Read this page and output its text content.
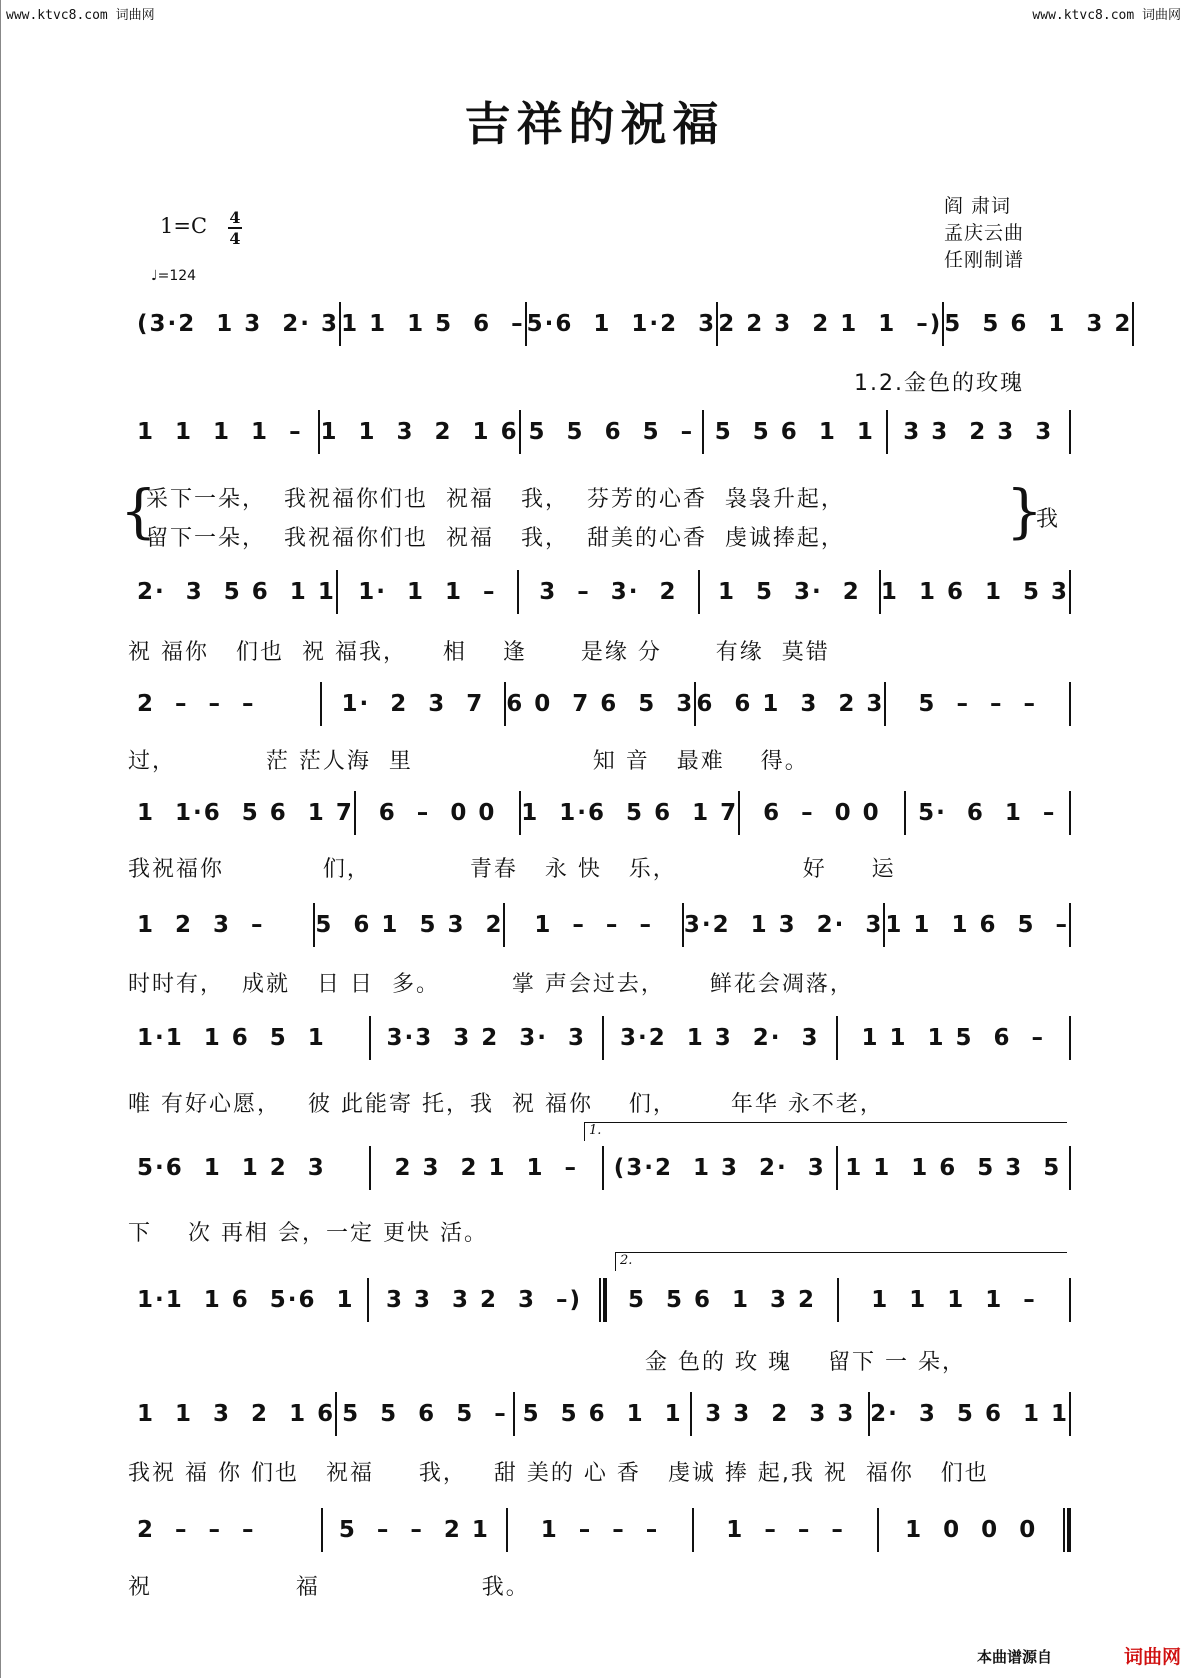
www.ktvc8.com 词曲网	www.ktvc8.com 词曲网
吉祥的祝福
1=C 4
4
♩=124
阎 肃词
孟庆云曲
任刚制谱
(3·2  1 3  2· 3 1 1  1 5  6  – 5·6  1  1·2  3 2 2 3  2 1  1  –) 5  5 6  1  3 2
1.2.金色的玫瑰
1  1  1  1  – 1  1  3  2  1 6 5  5  6  5  – 5  5 6  1  1	3 3  2 3  3
{
采下一朵，  我祝福你们也  祝福   我，  芬芳的心香  袅袅升起，
留下一朵，  我祝福你们也  祝福   我，  甜美的心香  虔诚捧起，	}
我
2·  3  5 6  1 1 1·  1  1  –	3  –  3·  2	1  5  3·  2 1  1 6  1  5 3
祝 福你   们也  祝 福我，    相    逢      是缘 分      有缘  莫错
2  –  –  –	1·  2  3  7 6 0  7 6  5  3 6  6 1  3  2 3	5  –  –  –
过，          茫 茫人海  里                    知 音   最难    得。
1  1·6  5 6  1 7	6  –  0 0	1  1·6  5 6  1 7	6  –  0 0	5·  6  1  –
我祝福你           们，           青春   永 快   乐，              好     运
1  2  3  –	5  6 1  5 3  2	1  –  –  –	3·2  1 3  2·  3 1 1  1 6  5  –
时时有，  成就   日 日  多。        掌 声会过去，     鲜花会凋落，
1·1  1 6  5  1	3·3  3 2  3·  3	3·2  1 3  2·  3	1 1  1 5  6  –
唯 有好心愿，   彼 此能寄 托，我  祝 福你    们，      年华 永不老，
1.
5·6  1  1 2  3	2 3  2 1  1  –	(3·2  1 3  2·  3 1 1  1 6  5 3  5
下    次 再相 会，一定 更快 活。
2.
1·1  1 6  5·6  1	3 3  3 2  3  –)	5  5 6  1  3 2	1  1  1  1  –
金 色的 玫 瑰    留下 一 朵，
1  1  3  2  1 6 5  5  6  5  – 5  5 6  1  1 3 3  2  3 3 2·  3  5 6  1 1
我祝 福 你 们也   祝福     我，   甜 美的 心 香   虔诚 捧 起,我 祝  福你   们也
2  –  –  –	5  –  –  2 1	1  –  –  –	1  –  –  –	1  0  0  0
祝                福                  我。
本曲谱源自	词曲网
